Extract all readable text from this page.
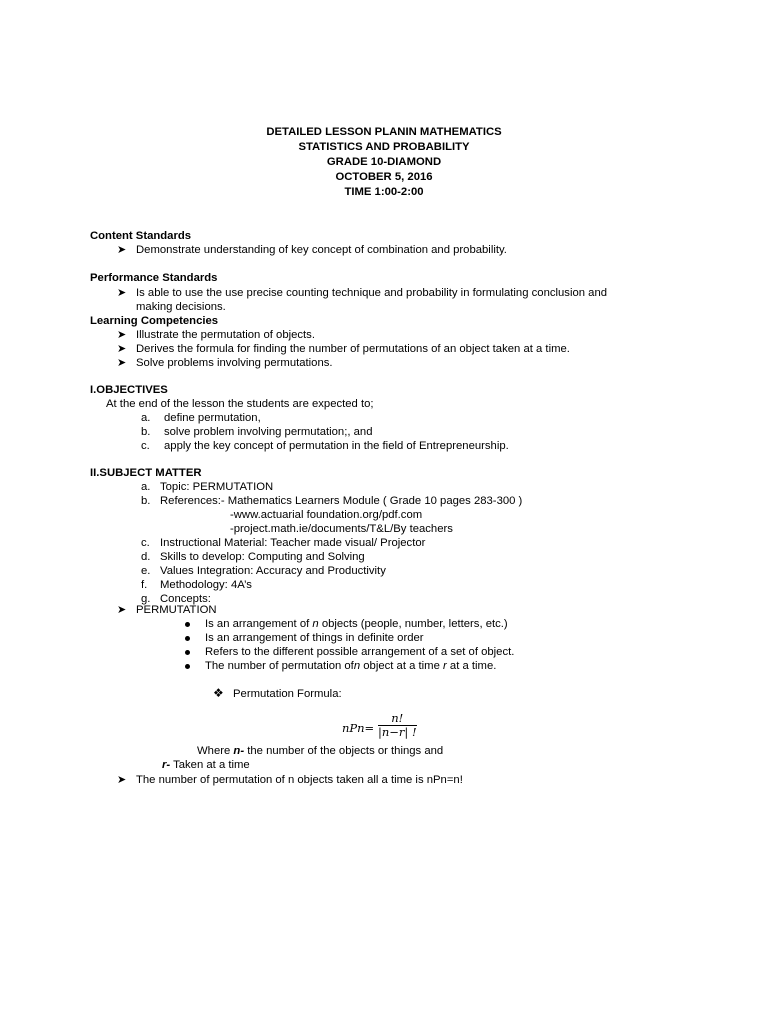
DETAILED LESSON PLANIN MATHEMATICS
STATISTICS AND PROBABILITY
GRADE 10-DIAMOND
OCTOBER 5, 2016
TIME 1:00-2:00
Content Standards
➤ Demonstrate understanding of key concept of combination and probability.
Performance Standards
➤ Is able to use the use precise counting technique and probability in formulating conclusion and
making decisions.
Learning Competencies
➤ Illustrate the permutation of objects.
➤ Derives the formula for finding the number of permutations of an object taken at a time.
➤ Solve problems involving permutations.
I.OBJECTIVES
At the end of the lesson the students are expected to;
a. define permutation,
b. solve problem involving permutation;, and
c. apply the key concept of permutation in the field of Entrepreneurship.
II.SUBJECT MATTER
a. Topic: PERMUTATION
b. References:- Mathematics Learners Module ( Grade 10 pages 283-300 )
-www.actuarial foundation.org/pdf.com
-project.math.ie/documents/T&L/By teachers
c. Instructional Material: Teacher made visual/ Projector
d. Skills to develop: Computing and Solving
e. Values Integration: Accuracy and Productivity
f. Methodology: 4A’s
g. Concepts:
➤ PERMUTATION
Is an arrangement of n objects (people, number, letters, etc.)
Is an arrangement of things in definite order
Refers to the different possible arrangement of a set of object.
The number of permutation ofn object at a time r at a time.
❖ Permutation Formula:
$nPn= \frac{n!}{|n-r| !}$
Where n- the number of the objects or things and
r- Taken at a time
➤ The number of permutation of n objects taken all a time is nPn=n!
